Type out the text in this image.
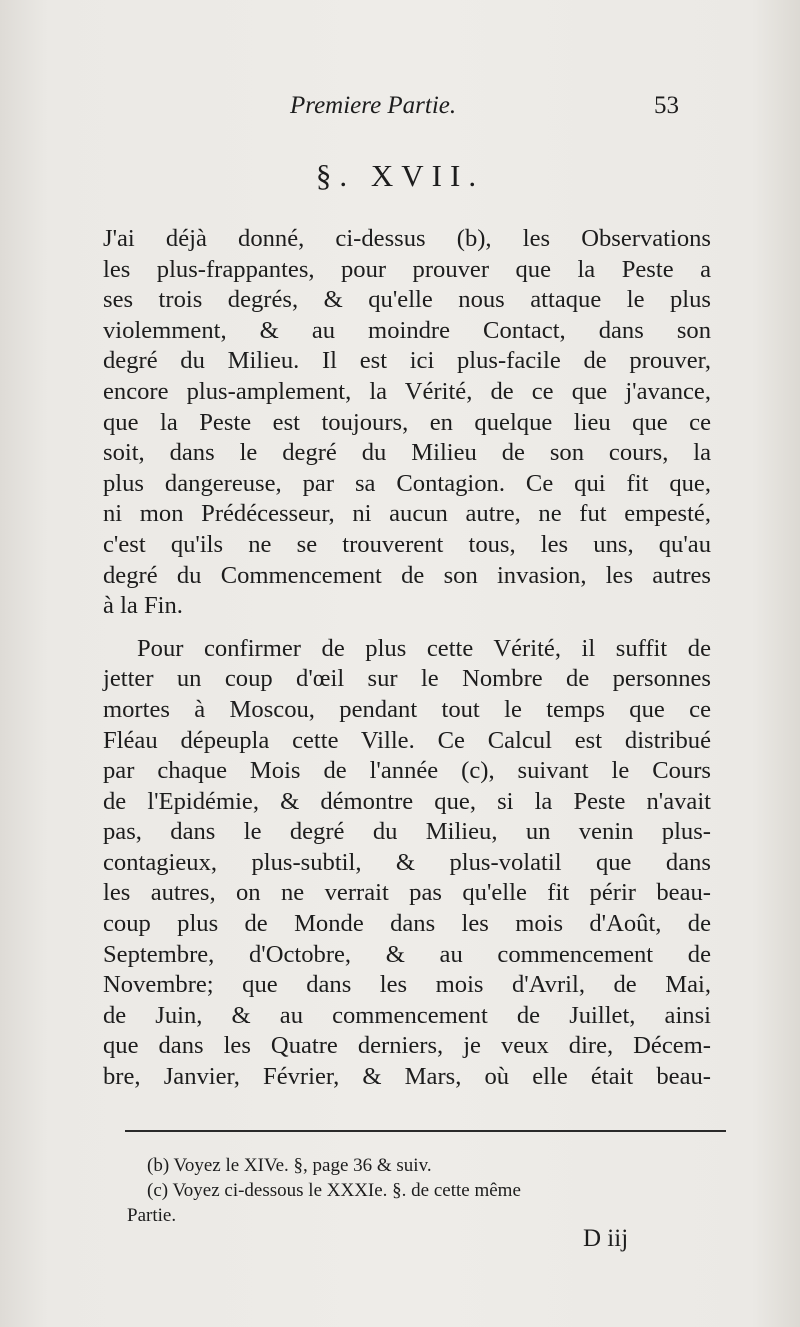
Premiere Partie.	53
§. XVII.
J'ai déjà donné, ci-dessus (b), les Observations
les plus-frappantes, pour prouver que la Peste a
ses trois degrés, & qu'elle nous attaque le plus
violemment, & au moindre Contact, dans son
degré du Milieu. Il est ici plus-facile de prouver,
encore plus-amplement, la Vérité, de ce que j'avance,
que la Peste est toujours, en quelque lieu que ce
soit, dans le degré du Milieu de son cours, la
plus dangereuse, par sa Contagion. Ce qui fit que,
ni mon Prédécesseur, ni aucun autre, ne fut empesté,
c'est qu'ils ne se trouverent tous, les uns, qu'au
degré du Commencement de son invasion, les autres
à la Fin.
Pour confirmer de plus cette Vérité, il suffit de
jetter un coup d'œil sur le Nombre de personnes
mortes à Moscou, pendant tout le temps que ce
Fléau dépeupla cette Ville. Ce Calcul est distribué
par chaque Mois de l'année (c), suivant le Cours
de l'Epidémie, & démontre que, si la Peste n'avait
pas, dans le degré du Milieu, un venin plus-
contagieux, plus-subtil, & plus-volatil que dans
les autres, on ne verrait pas qu'elle fit périr beau-
coup plus de Monde dans les mois d'Août, de
Septembre, d'Octobre, & au commencement de
Novembre; que dans les mois d'Avril, de Mai,
de Juin, & au commencement de Juillet, ainsi
que dans les Quatre derniers, je veux dire, Décem-
bre, Janvier, Février, & Mars, où elle était beau-
(b) Voyez le XIVe. §, page 36 & suiv.
(c) Voyez ci-dessous le XXXIe. §. de cette même
Partie.
D iij
